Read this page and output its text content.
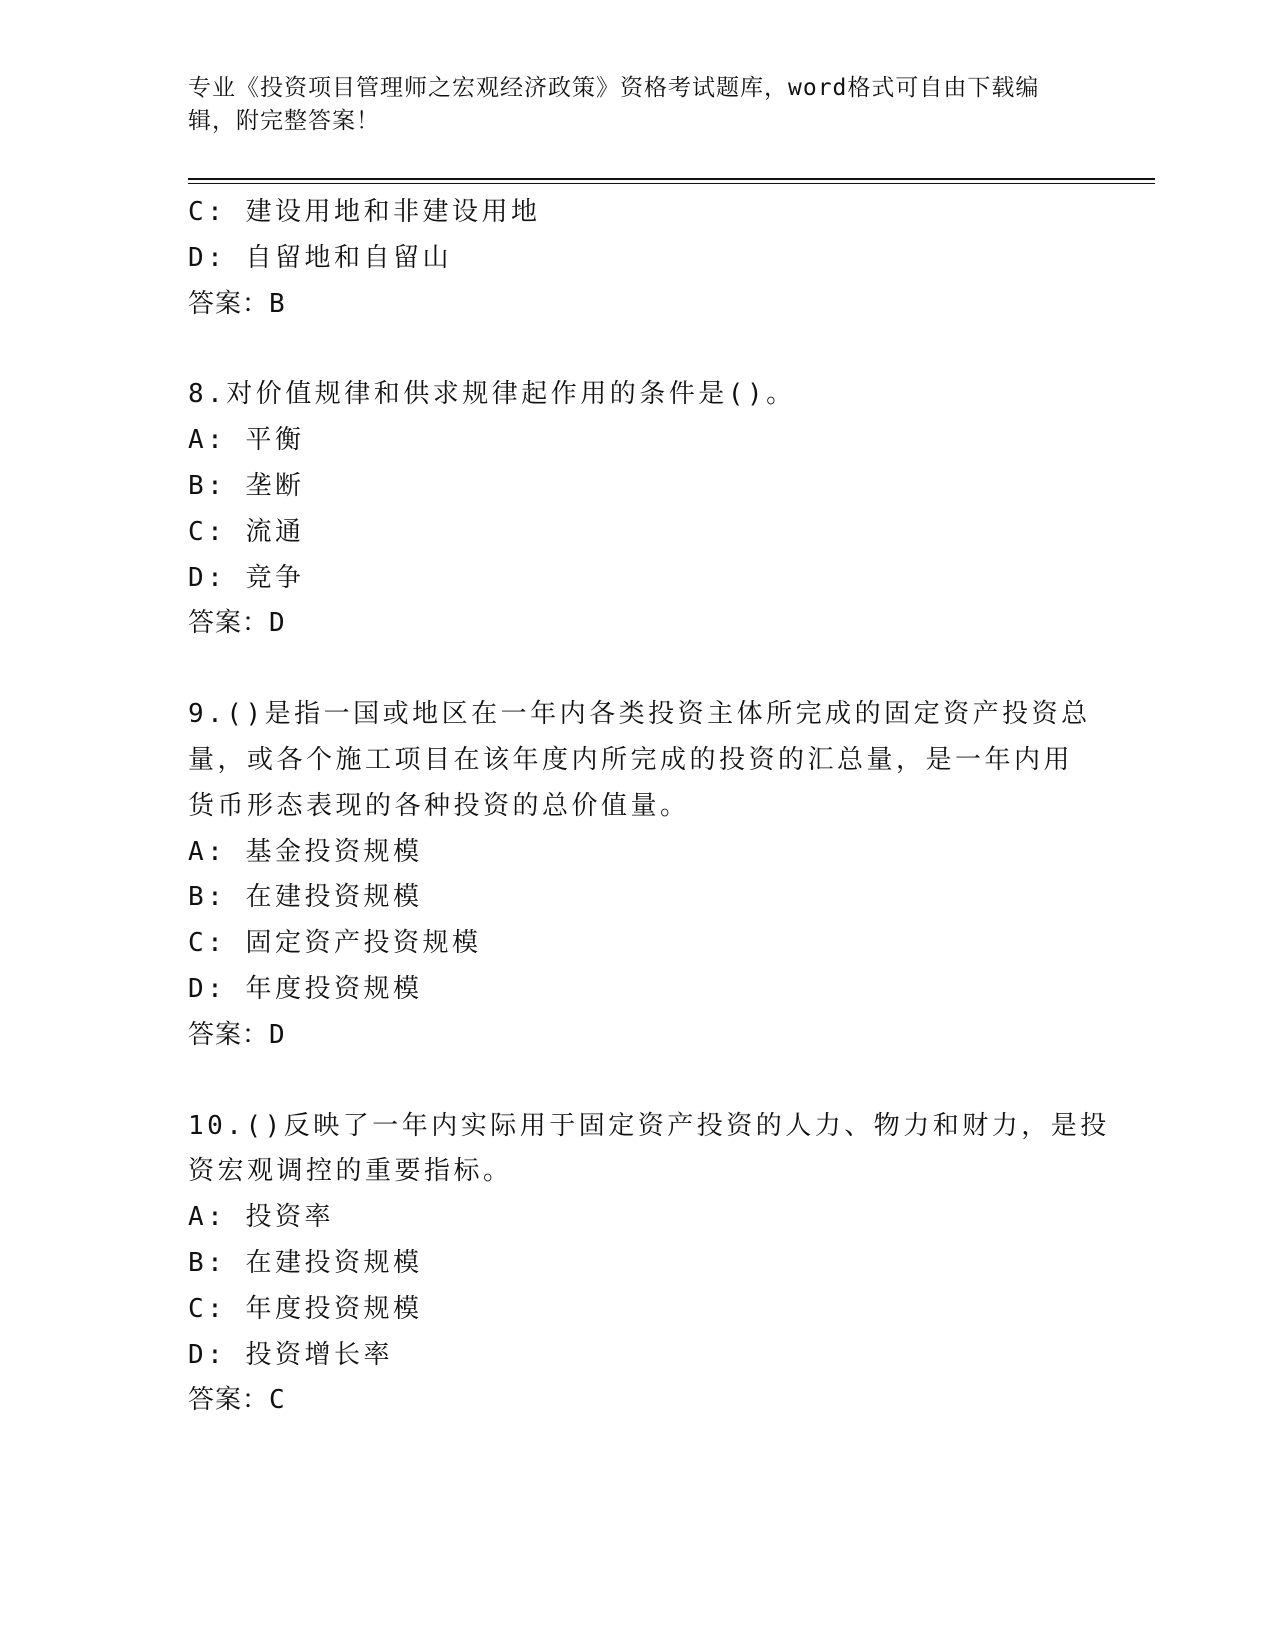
专业《投资项目管理师之宏观经济政策》资格考试题库，word格式可自由下载编辑，附完整答案！
C: 建设用地和非建设用地
D: 自留地和自留山
答案：B
8.对价值规律和供求规律起作用的条件是()。
A: 平衡
B: 垄断
C: 流通
D: 竞争
答案：D
9.()是指一国或地区在一年内各类投资主体所完成的固定资产投资总
量，或各个施工项目在该年度内所完成的投资的汇总量，是一年内用
货币形态表现的各种投资的总价值量。
A: 基金投资规模
B: 在建投资规模
C: 固定资产投资规模
D: 年度投资规模
答案：D
10.()反映了一年内实际用于固定资产投资的人力、物力和财力，是投
资宏观调控的重要指标。
A: 投资率
B: 在建投资规模
C: 年度投资规模
D: 投资增长率
答案：C
